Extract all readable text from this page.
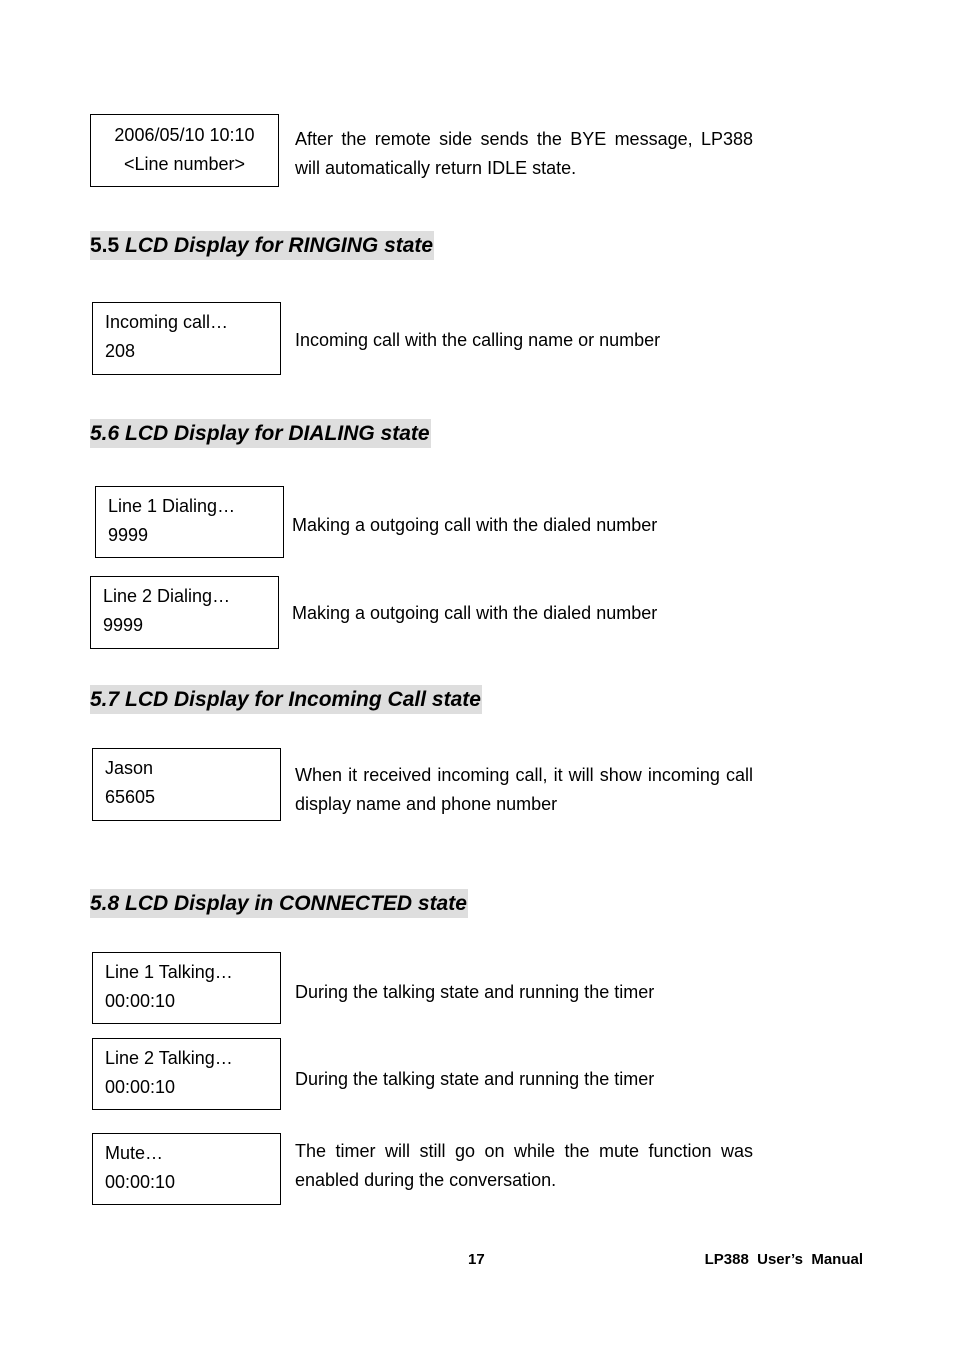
2006/05/10 10:10
<Line number>
After the remote side sends the BYE message, LP388 will automatically return IDLE state.
5.5 LCD Display for RINGING state
Incoming call…
208
Incoming call with the calling name or number
5.6 LCD Display for DIALING state
Line 1 Dialing…
9999	Making a outgoing call with the dialed number
Line 2 Dialing…
9999
Making a outgoing call with the dialed number
5.7 LCD Display for Incoming Call state
Jason
65605
When it received incoming call, it will show incoming call display name and phone number
5.8 LCD Display in CONNECTED state
Line 1 Talking…
00:00:10	During the talking state and running the timer
Line 2 Talking…
00:00:10	During the talking state and running the timer
Mute…
00:00:10
The timer will still go on while the mute function was enabled during the conversation.
17	LP388  User’s  Manual
